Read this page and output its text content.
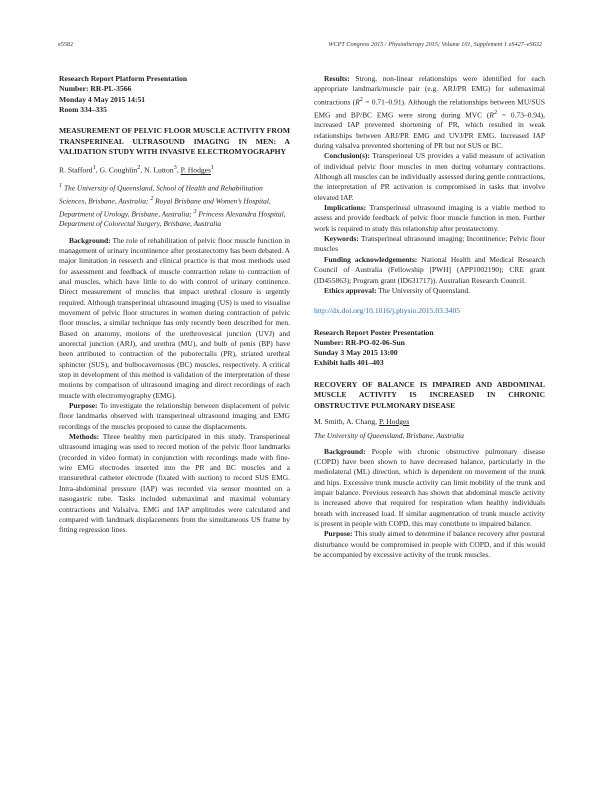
e5582	WCPT Congress 2015 / Physiotherapy 2015; Volume 101, Supplement 1 eS427–eS632
Research Report Platform Presentation
Number: RR-PL-3566
Monday 4 May 2015 14:51
Room 334–335
MEASUREMENT OF PELVIC FLOOR MUSCLE ACTIVITY FROM TRANSPERINEAL ULTRASOUND IMAGING IN MEN: A VALIDATION STUDY WITH INVASIVE ELECTROMYOGRAPHY
R. Stafford$^1$, G. Coughlin$^2$, N. Lutton$^3$, P. Hodges$^1$
$^1$ The University of Queensland, School of Health and Rehabilitation Sciences, Brisbane, Australia; $^2$ Royal Brisbane and Women’s Hospital, Department of Urology, Brisbane, Australia; $^3$ Princess Alexandra Hospital, Department of Colorectal Surgery, Brisbane, Australia

Background: The role of rehabilitation of pelvic floor muscle function in management of urinary incontinence after prostatectomy has been debated. A major limitation in research and clinical practice is that most methods used for assessment and feedback of muscle contraction relate to contraction of anal muscles, which have little to do with control of urinary continence. Direct measurement of muscles that impact urethral closure is urgently required. Although transperineal ultrasound imaging (US) is used to visualise movement of pelvic floor structures in women during contraction of pelvic floor muscles, a similar technique has only recently been described for men. Based on anatomy, motions of the urethrovesical junction (UVJ) and anorectal junction (ARJ), and urethra (MU), and bulb of penis (BP) have been attributed to contraction of the puborectalis (PR), striated urethral sphincter (SUS), and bulbocavernosus (BC) muscles, respectively. A critical step in development of this method is validation of the interpretation of these motions by comparison of ultrasound imaging and direct recordings of each muscle with electromyography (EMG).

Purpose: To investigate the relationship between displacement of pelvic floor landmarks observed with transperineal ultrasound imaging and EMG recordings of the muscles proposed to cause the displacements.

Methods: Three healthy men participated in this study. Transperineal ultrasound imaging was used to record motion of the pelvic floor landmarks (recorded in video format) in conjunction with recordings made with fine-wire EMG electrodes inserted into the PR and BC muscles and a transurethral catheter electrode (fixated with suction) to record SUS EMG. Intra-abdominal pressure (IAP) was recorded via sensor mounted on a nasogastric tube. Tasks included submaximal and maximal voluntary contractions and Valsalva. EMG and IAP amplitudes were calculated and compared with landmark displacements from the simultaneous US frame by fitting regression lines.

Results: Strong, non-linear relationships were identified for each appropriate landmark/muscle pair (e.g. ARJ/PR EMG) for submaximal contractions $(R^2 = 0.71-0.91)$. Although the relationships between MU/SUS EMG and BP/BC EMG were strong during MVC $(R^2 = 0.73-0.94)$, increased IAP prevented shortening of PR, which resulted in weak relationships between ARJ/PR EMG and UVJ/PR EMG. Increased IAP during valsalva prevented shortening of PR but not SUS or BC.

Conclusion(s): Transperineal US provides a valid measure of activation of individual pelvic floor muscles in men during voluntary contractions. Although all muscles can be individually assessed during gentle contractions, the interpretation of PR activation is compromised in tasks that involve elevated IAP.

Implications: Transperineal ultrasound imaging is a viable method to assess and provide feedback of pelvic floor muscle function in men. Further work is required to study this relationship after prostatectomy.

Keywords: Transperineal ultrasound imaging; Incontinence; Pelvic floor muscles

Funding acknowledgements: National Health and Medical Research Council of Australia (Fellowship [PWH] (APP1002190); CRE grant (ID455863); Program grant (ID631717)). Australian Research Council.

Ethics approval: The University of Queensland.

http://dx.doi.org/10.1016/j.physio.2015.03.3405
Research Report Poster Presentation
Number: RR-PO-02-06-Sun
Sunday 3 May 2015 13:00
Exhibit halls 401–403
RECOVERY OF BALANCE IS IMPAIRED AND ABDOMINAL MUSCLE ACTIVITY IS INCREASED IN CHRONIC OBSTRUCTIVE PULMONARY DISEASE
M. Smith, A. Chang, P. Hodges
The University of Queensland, Brisbane, Australia

Background: People with chronic obstructive pulmonary disease (COPD) have been shown to have decreased balance, particularly in the mediolateral (ML) direction, which is dependent on movement of the trunk and hips. Excessive trunk muscle activity can limit mobility of the trunk and impair balance. Previous research has shown that abdominal muscle activity is increased above that required for respiration when healthy individuals breath with increased load. If similar augmentation of trunk muscle activity is present in people with COPD, this may contribute to impaired balance.

Purpose: This study aimed to determine if balance recovery after postural disturbance would be compromised in people with COPD, and if this would be accompanied by excessive activity of the trunk muscles.
